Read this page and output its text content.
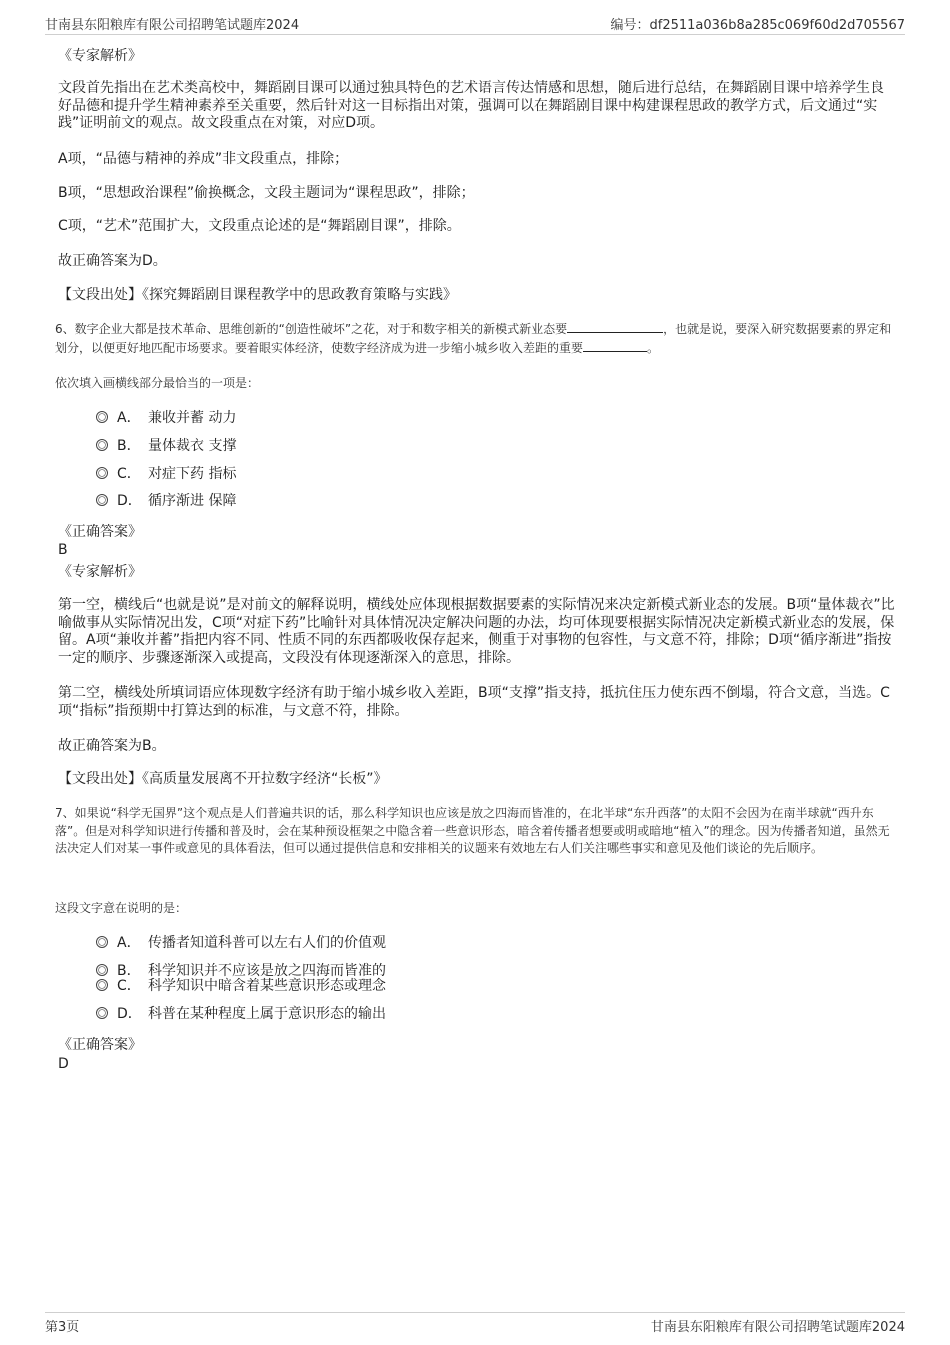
甘南县东阳粮库有限公司招聘笔试题库2024	编号：df2511a036b8a285c069f60d2d705567
《专家解析》
文段首先指出在艺术类高校中，舞蹈剧目课可以通过独具特色的艺术语言传达情感和思想，随后进行总结，在舞蹈剧目课中培养学生良好品德和提升学生精神素养至关重要，然后针对这一目标指出对策，强调可以在舞蹈剧目课中构建课程思政的教学方式，后文通过“实践”证明前文的观点。故文段重点在对策，对应D项。
A项，“品德与精神的养成”非文段重点，排除；
B项，“思想政治课程”偷换概念，文段主题词为“课程思政”，排除；
C项，“艺术”范围扩大，文段重点论述的是“舞蹈剧目课”，排除。
故正确答案为D。
【文段出处】《探究舞蹈剧目课程教学中的思政教育策略与实践》
6、数字企业大都是技术革命、思维创新的“创造性破坏”之花，对于和数字相关的新模式新业态要	，也就是说，要深入研究数据要素的界定和划分，以便更好地匹配市场要求。要着眼实体经济，使数字经济成为进一步缩小城乡收入差距的重要	。
依次填入画横线部分最恰当的一项是：
A． 兼收并蓄 动力
B． 量体裁衣 支撑
C． 对症下药 指标
D． 循序渐进 保障
《正确答案》
B
《专家解析》
第一空，横线后“也就是说”是对前文的解释说明，横线处应体现根据数据要素的实际情况来决定新模式新业态的发展。B项“量体裁衣”比喻做事从实际情况出发，C项“对症下药”比喻针对具体情况决定解决问题的办法，均可体现要根据实际情况决定新模式新业态的发展，保留。A项“兼收并蓄”指把内容不同、性质不同的东西都吸收保存起来，侧重于对事物的包容性，与文意不符，排除；D项“循序渐进”指按一定的顺序、步骤逐渐深入或提高，文段没有体现逐渐深入的意思，排除。
第二空，横线处所填词语应体现数字经济有助于缩小城乡收入差距，B项“支撑”指支持，抵抗住压力使东西不倒塌，符合文意，当选。C项“指标”指预期中打算达到的标准，与文意不符，排除。
故正确答案为B。
【文段出处】《高质量发展离不开拉数字经济“长板”》
7、如果说“科学无国界”这个观点是人们普遍共识的话，那么科学知识也应该是放之四海而皆准的，在北半球“东升西落”的太阳不会因为在南半球就“西升东落”。但是对科学知识进行传播和普及时，会在某种预设框架之中隐含着一些意识形态，暗含着传播者想要或明或暗地“植入”的理念。因为传播者知道，虽然无法决定人们对某一事件或意见的具体看法，但可以通过提供信息和安排相关的议题来有效地左右人们关注哪些事实和意见及他们谈论的先后顺序。
这段文字意在说明的是：
A． 传播者知道科普可以左右人们的价值观
B． 科学知识并不应该是放之四海而皆准的
C． 科学知识中暗含着某些意识形态或理念
D． 科普在某种程度上属于意识形态的输出
《正确答案》
D
第3页	甘南县东阳粮库有限公司招聘笔试题库2024
